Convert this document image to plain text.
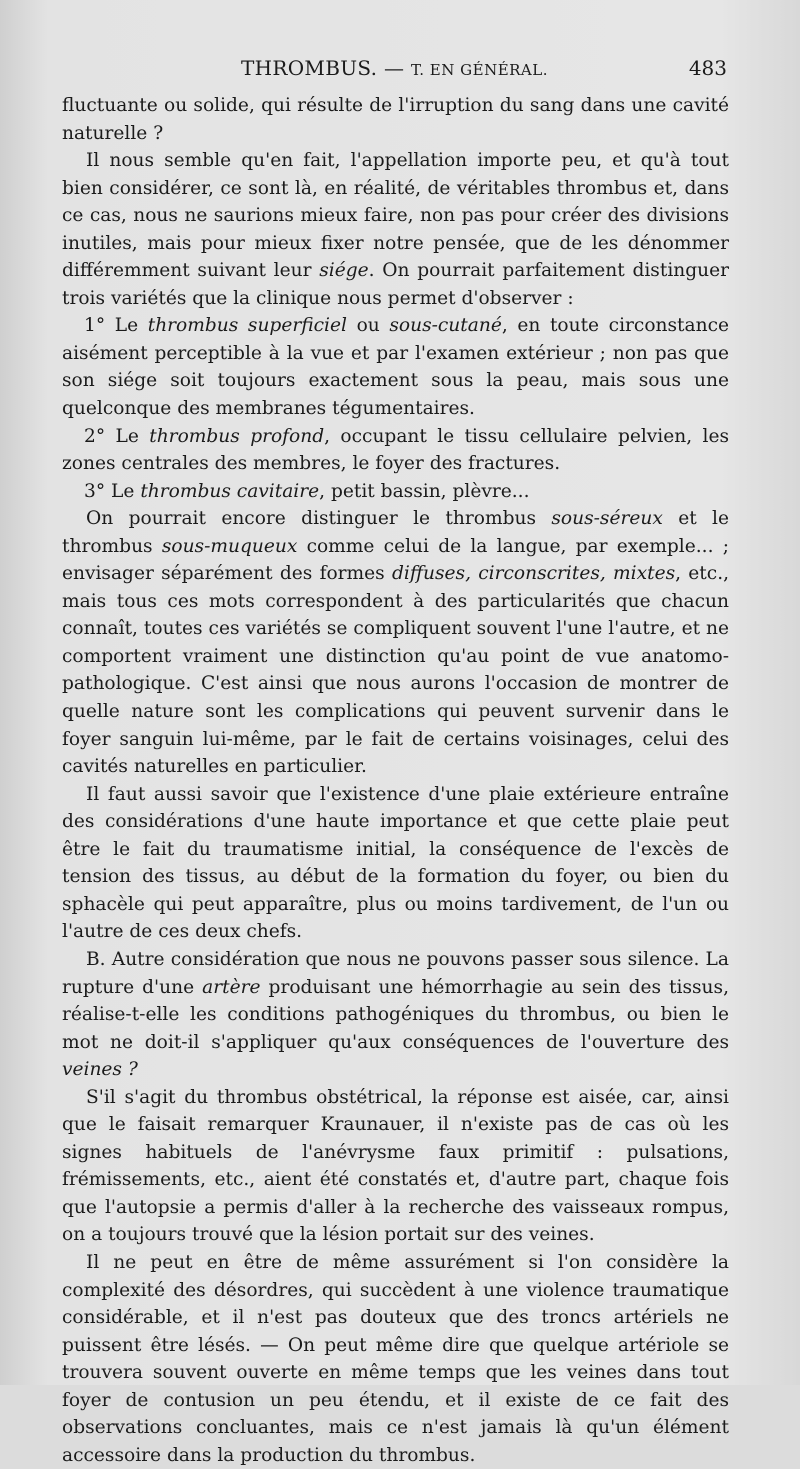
THROMBUS. — T. EN GÉNÉRAL.	483

fluctuante ou solide, qui résulte de l'irruption du sang dans une cavité naturelle ?

Il nous semble qu'en fait, l'appellation importe peu, et qu'à tout bien considérer, ce sont là, en réalité, de véritables thrombus et, dans ce cas, nous ne saurions mieux faire, non pas pour créer des divisions inutiles, mais pour mieux fixer notre pensée, que de les dénommer différemment suivant leur siége. On pourrait parfaitement distinguer trois variétés que la clinique nous permet d'observer :

1° Le thrombus superficiel ou sous-cutané, en toute circonstance aisément perceptible à la vue et par l'examen extérieur ; non pas que son siége soit toujours exactement sous la peau, mais sous une quelconque des membranes tégumentaires.

2° Le thrombus profond, occupant le tissu cellulaire pelvien, les zones centrales des membres, le foyer des fractures.

3° Le thrombus cavitaire, petit bassin, plèvre...

On pourrait encore distinguer le thrombus sous-séreux et le thrombus sous-muqueux comme celui de la langue, par exemple... ; envisager séparément des formes diffuses, circonscrites, mixtes, etc., mais tous ces mots correspondent à des particularités que chacun connaît, toutes ces variétés se compliquent souvent l'une l'autre, et ne comportent vraiment une distinction qu'au point de vue anatomo-pathologique. C'est ainsi que nous aurons l'occasion de montrer de quelle nature sont les complications qui peuvent survenir dans le foyer sanguin lui-même, par le fait de certains voisinages, celui des cavités naturelles en particulier.

Il faut aussi savoir que l'existence d'une plaie extérieure entraîne des considérations d'une haute importance et que cette plaie peut être le fait du traumatisme initial, la conséquence de l'excès de tension des tissus, au début de la formation du foyer, ou bien du sphacèle qui peut apparaître, plus ou moins tardivement, de l'un ou l'autre de ces deux chefs.

B. Autre considération que nous ne pouvons passer sous silence. La rupture d'une artère produisant une hémorrhagie au sein des tissus, réalise-t-elle les conditions pathogéniques du thrombus, ou bien le mot ne doit-il s'appliquer qu'aux conséquences de l'ouverture des veines ?

S'il s'agit du thrombus obstétrical, la réponse est aisée, car, ainsi que le faisait remarquer Kraunauer, il n'existe pas de cas où les signes habituels de l'anévrysme faux primitif : pulsations, frémissements, etc., aient été constatés et, d'autre part, chaque fois que l'autopsie a permis d'aller à la recherche des vaisseaux rompus, on a toujours trouvé que la lésion portait sur des veines.

Il ne peut en être de même assurément si l'on considère la complexité des désordres, qui succèdent à une violence traumatique considérable, et il n'est pas douteux que des troncs artériels ne puissent être lésés. — On peut même dire que quelque artériole se trouvera souvent ouverte en même temps que les veines dans tout foyer de contusion un peu étendu, et il existe de ce fait des observations concluantes, mais ce n'est jamais là qu'un élément accessoire dans la production du thrombus.
